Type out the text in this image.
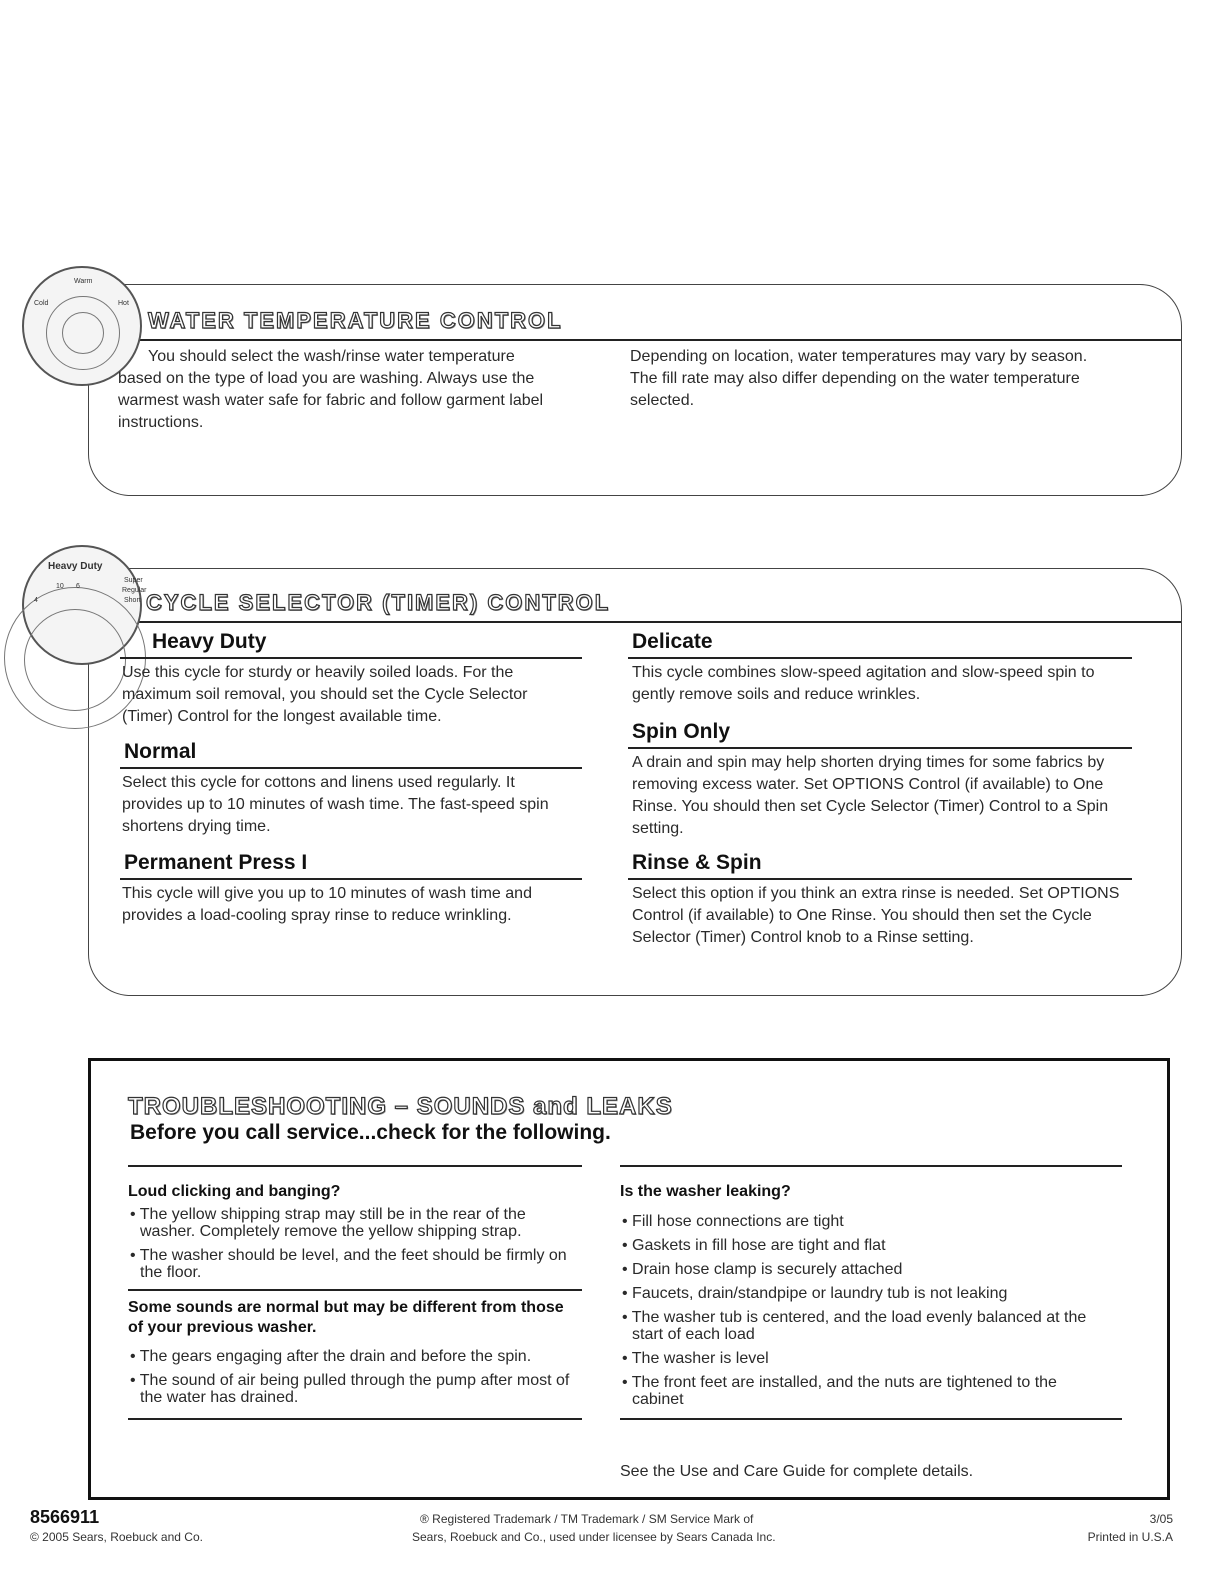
Warm
Cold	Hot
WATER TEMPERATURE CONTROL
You should select the wash/rinse water temperature based on the type of load you are washing. Always use the warmest wash water safe for fabric and follow garment label instructions.
Depending on location, water temperatures may vary by season. The fill rate may also differ depending on the water temperature selected.
Heavy Duty
Super
Regular
Short
10 6
4	CYCLE SELECTOR (TIMER) CONTROL
Heavy Duty
Use this cycle for sturdy or heavily soiled loads. For the maximum soil removal, you should set the Cycle Selector (Timer) Control for the longest available time.
Normal
Select this cycle for cottons and linens used regularly. It provides up to 10 minutes of wash time. The fast-speed spin shortens drying time.
Permanent Press I
This cycle will give you up to 10 minutes of wash time and provides a load-cooling spray rinse to reduce wrinkling.
Delicate
This cycle combines slow-speed agitation and slow-speed spin to gently remove soils and reduce wrinkles.
Spin Only
A drain and spin may help shorten drying times for some fabrics by removing excess water. Set OPTIONS Control (if available) to One Rinse. You should then set Cycle Selector (Timer) Control to a Spin setting.
Rinse & Spin
Select this option if you think an extra rinse is needed. Set OPTIONS Control (if available) to One Rinse. You should then set the Cycle Selector (Timer) Control knob to a Rinse setting.
TROUBLESHOOTING – SOUNDS and LEAKS
Before you call service...check for the following.
Loud clicking and banging?
• The yellow shipping strap may still be in the rear of the washer. Completely remove the yellow shipping strap.
• The washer should be level, and the feet should be firmly on the floor.
Some sounds are normal but may be different from those of your previous washer.
• The gears engaging after the drain and before the spin.
• The sound of air being pulled through the pump after most of the water has drained.
Is the washer leaking?
• Fill hose connections are tight
• Gaskets in fill hose are tight and flat
• Drain hose clamp is securely attached
• Faucets, drain/standpipe or laundry tub is not leaking
• The washer tub is centered, and the load evenly balanced at the start of each load
• The washer is level
• The front feet are installed, and the nuts are tightened to the cabinet
See the Use and Care Guide for complete details.
8566911
© 2005 Sears, Roebuck and Co.
® Registered Trademark / TM Trademark / SM Service Mark of
Sears, Roebuck and Co., used under licensee by Sears Canada Inc.
3/05
Printed in U.S.A
